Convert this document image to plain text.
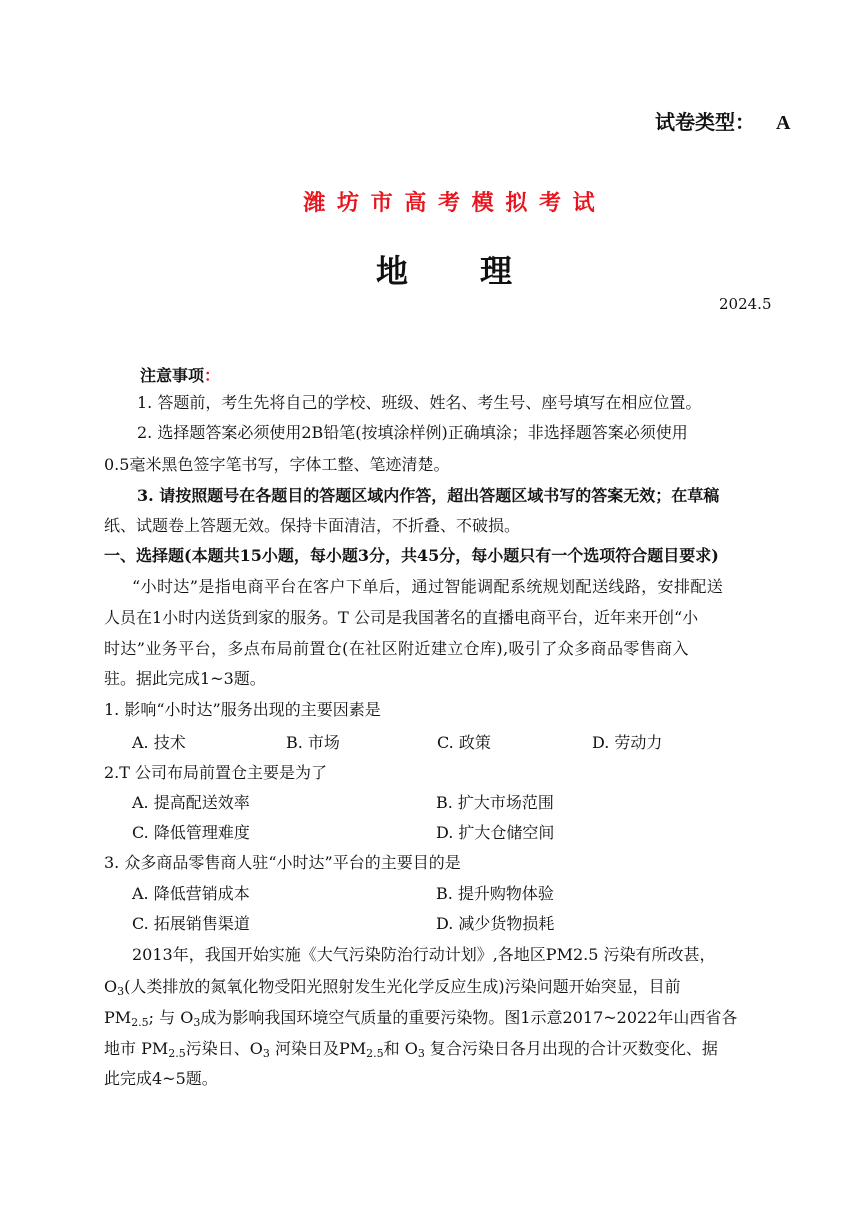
试卷类型： A
潍 坊 市 高 考 模 拟 考 试
地 理
2024.5
注意事项：
1. 答题前，考生先将自己的学校、班级、姓名、考生号、座号填写在相应位置。
2. 选择题答案必须使用2B铅笔(按填涂样例)正确填涂；非选择题答案必须使用
0.5毫米黑色签字笔书写，字体工整、笔迹清楚。
3. 请按照题号在各题目的答题区域内作答，超出答题区域书写的答案无效；在草稿
纸、试题卷上答题无效。保持卡面清洁，不折叠、不破损。
一、选择题(本题共15小题，每小题3分，共45分，每小题只有一个选项符合题目要求)
“小时达”是指电商平台在客户下单后，通过智能调配系统规划配送线路，安排配送
人员在1小时内送货到家的服务。T 公司是我国著名的直播电商平台，近年来开创“小
时达”业务平台，多点布局前置仓(在社区附近建立仓库),吸引了众多商品零售商入
驻。据此完成1~3题。
1. 影响“小时达”服务出现的主要因素是
A. 技术	B. 市场	C. 政策	D. 劳动力
2.T 公司布局前置仓主要是为了
A. 提高配送效率	B. 扩大市场范围
C. 降低管理难度	D. 扩大仓储空间
3. 众多商品零售商人驻“小时达”平台的主要目的是
A. 降低营销成本	B. 提升购物体验
C. 拓展销售渠道	D. 减少货物损耗
2013年，我国开始实施《大气污染防治行动计划》,各地区PM2.5 污染有所改甚，
$O_3$(人类排放的氮氧化物受阳光照射发生光化学反应生成)污染问题开始突显，目前
$PM_{2.5}$; 与 $O_3$成为影响我国环境空气质量的重要污染物。图1示意2017~2022年山西省各
地市 $PM_{2.5}$污染日、$O_3$ 河染日及$PM_{2.5}$和 $O_3$ 复合污染日各月出现的合计灭数变化、据
此完成4~5题。
